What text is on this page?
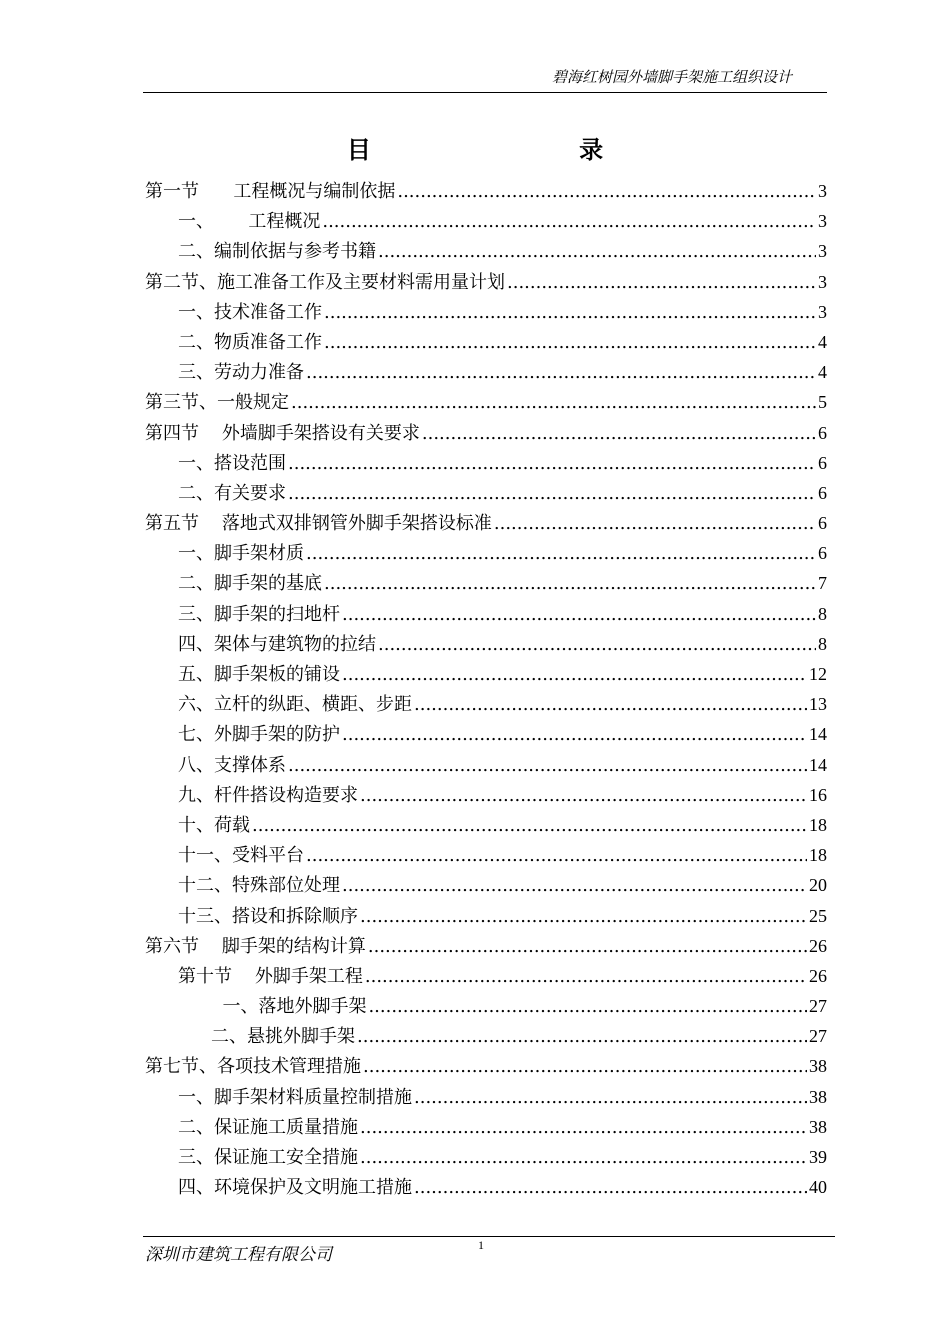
碧海红树园外墙脚手架施工组织设计
目 录
第一节      工程概况与编制依据 .....	3
一、      工程概况 .....	3
二、编制依据与参考书籍 .....	3
第二节、施工准备工作及主要材料需用量计划 .....	3
一、技术准备工作 .....	3
二、物质准备工作 .....	4
三、劳动力准备 .....	4
第三节、一般规定 .....	5
第四节    外墙脚手架搭设有关要求 .....	6
一、搭设范围 .....	6
二、有关要求 .....	6
第五节    落地式双排钢管外脚手架搭设标准 .....	6
一、脚手架材质 .....	6
二、脚手架的基底 .....	7
三、脚手架的扫地杆 .....	8
四、架体与建筑物的拉结 .....	8
五、脚手架板的铺设 .....	12
六、立杆的纵距、横距、步距 .....	13
七、外脚手架的防护 .....	14
八、支撑体系 .....	14
九、杆件搭设构造要求 .....	16
十、荷载 .....	18
十一、受料平台 .....	18
十二、特殊部位处理 .....	20
十三、搭设和拆除顺序 .....	25
第六节    脚手架的结构计算 .....	26
第十节    外脚手架工程 .....	26
一、落地外脚手架 .....	27
二、悬挑外脚手架 .....	27
第七节、各项技术管理措施 .....	38
一、脚手架材料质量控制措施 .....	38
二、保证施工质量措施 .....	38
三、保证施工安全措施 .....	39
四、环境保护及文明施工措施 .....	40
深圳市建筑工程有限公司	1
